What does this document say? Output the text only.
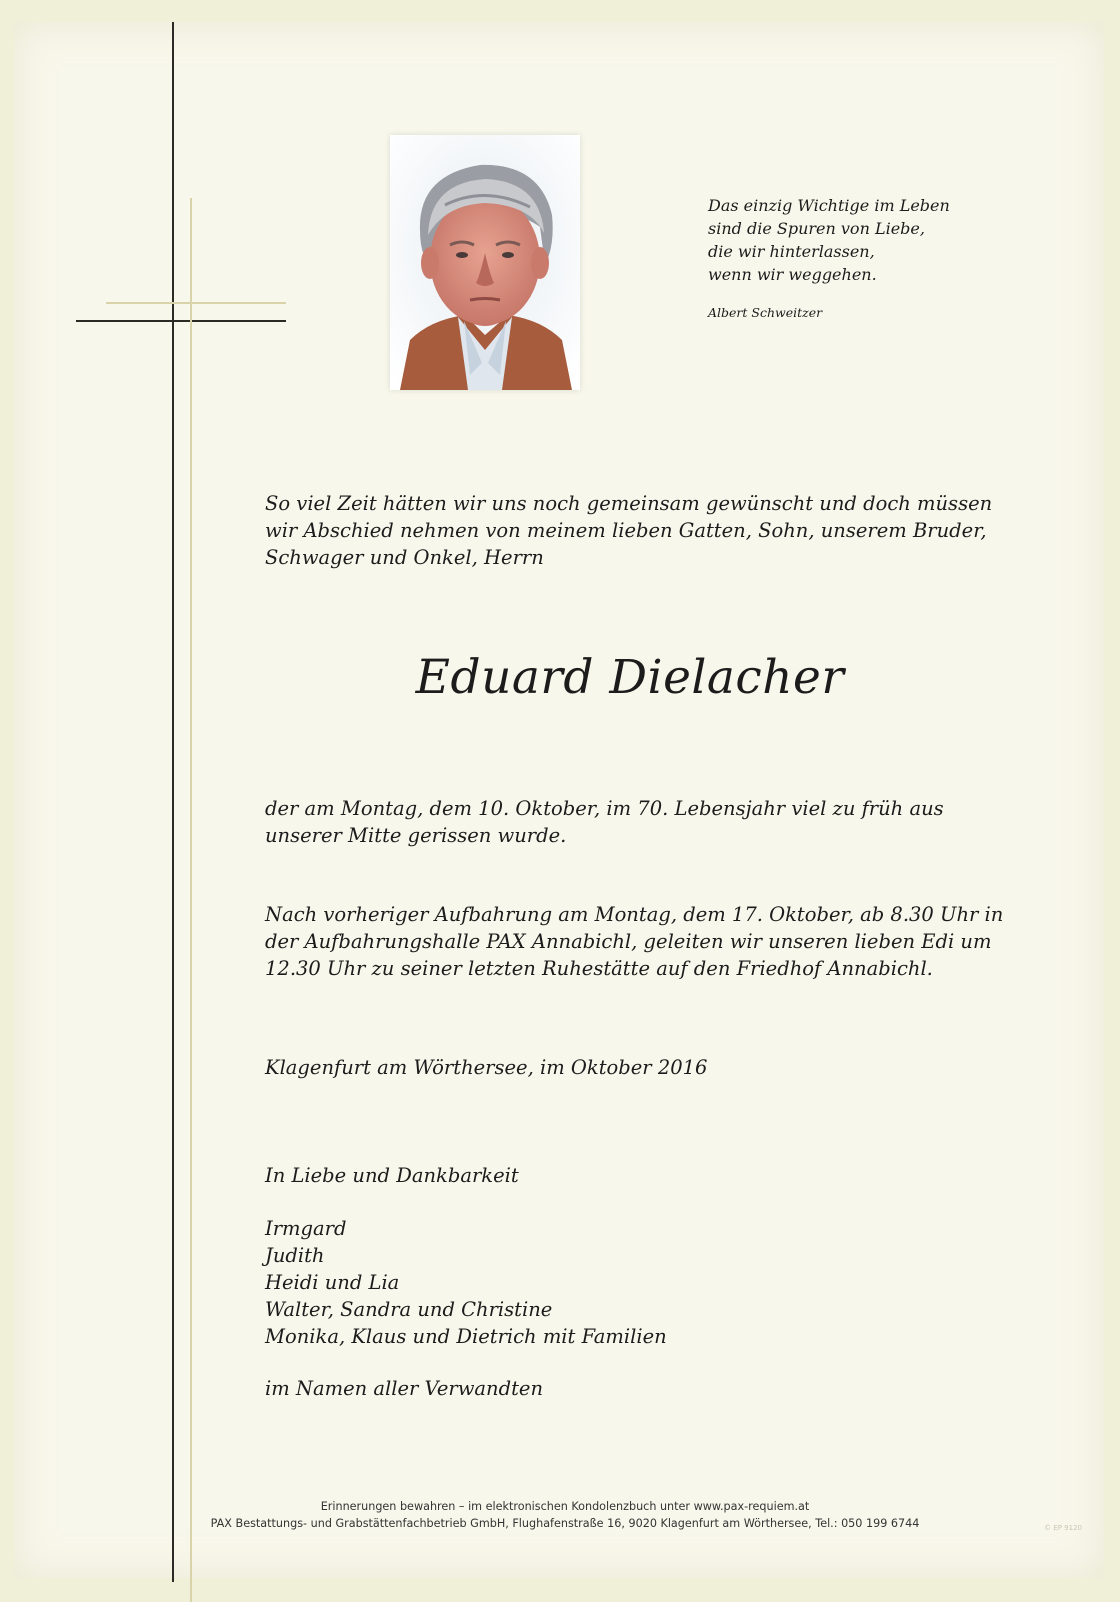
Das einzig Wichtige im Leben
sind die Spuren von Liebe,
die wir hinterlassen,
wenn wir weggehen.
Albert Schweitzer
So viel Zeit hätten wir uns noch gemeinsam gewünscht und doch müssen wir Abschied nehmen von meinem lieben Gatten, Sohn, unserem Bruder, Schwager und Onkel, Herrn
Eduard Dielacher
der am Montag, dem 10. Oktober, im 70. Lebensjahr viel zu früh aus unserer Mitte gerissen wurde.
Nach vorheriger Aufbahrung am Montag, dem 17. Oktober, ab 8.30 Uhr in der Aufbahrungshalle PAX Annabichl, geleiten wir unseren lieben Edi um 12.30 Uhr zu seiner letzten Ruhestätte auf den Friedhof Annabichl.
Klagenfurt am Wörthersee, im Oktober 2016
In Liebe und Dankbarkeit
Irmgard
Judith
Heidi und Lia
Walter, Sandra und Christine
Monika, Klaus und Dietrich mit Familien
im Namen aller Verwandten
Erinnerungen bewahren – im elektronischen Kondolenzbuch unter www.pax-requiem.at
PAX Bestattungs- und Grabstättenfachbetrieb GmbH, Flughafenstraße 16, 9020 Klagenfurt am Wörthersee, Tel.: 050 199 6744	© EP 9120
